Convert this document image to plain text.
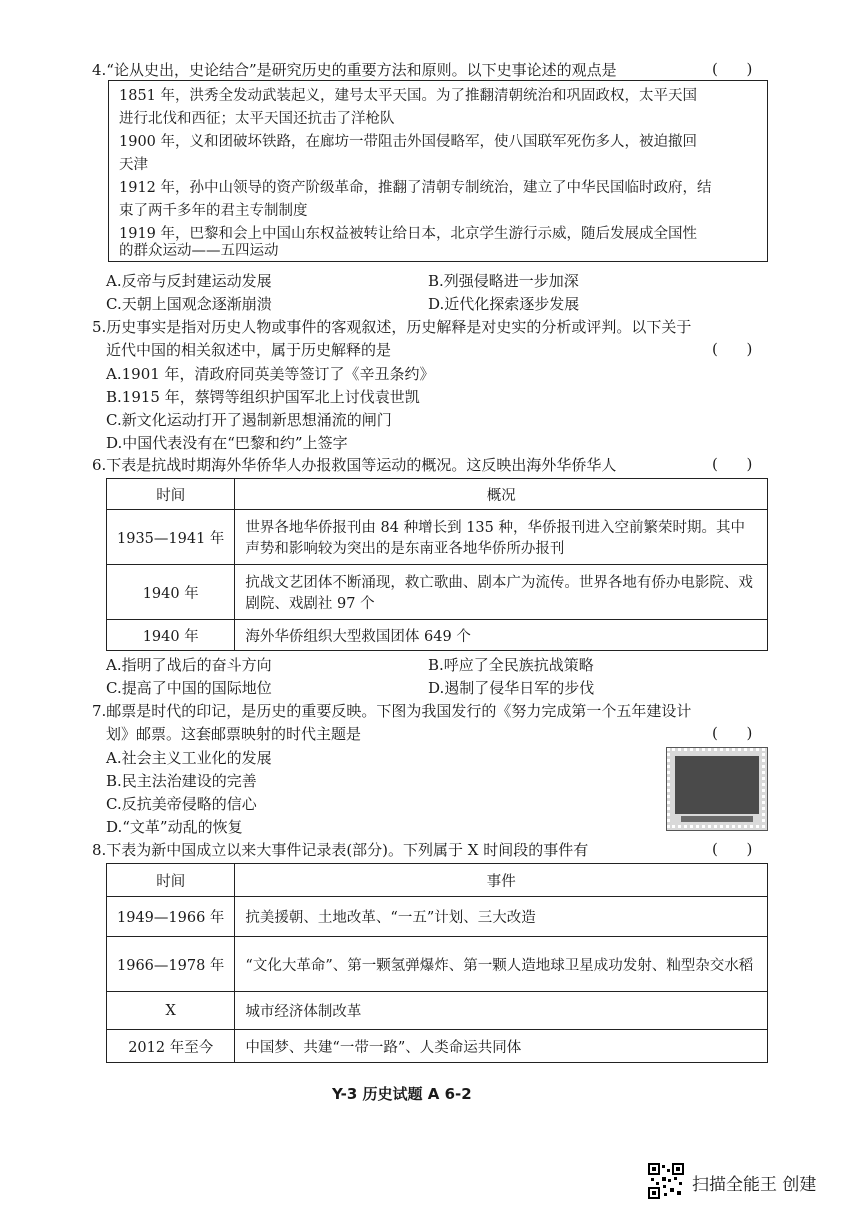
4.“论从史出，史论结合”是研究历史的重要方法和原则。以下史事论述的观点是	(      )
1851 年，洪秀全发动武装起义，建号太平天国。为了推翻清朝统治和巩固政权，太平天国
进行北伐和西征；太平天国还抗击了洋枪队
1900 年，义和团破坏铁路，在廊坊一带阻击外国侵略军，使八国联军死伤多人，被迫撤回
天津
1912 年，孙中山领导的资产阶级革命，推翻了清朝专制统治，建立了中华民国临时政府，结
束了两千多年的君主专制制度
1919 年，巴黎和会上中国山东权益被转让给日本，北京学生游行示威，随后发展成全国性
的群众运动——五四运动
A.反帝与反封建运动发展	B.列强侵略进一步加深
C.天朝上国观念逐渐崩溃	D.近代化探索逐步发展
5.历史事实是指对历史人物或事件的客观叙述，历史解释是对史实的分析或评判。以下关于
近代中国的相关叙述中，属于历史解释的是	(      )
A.1901 年，清政府同英美等签订了《辛丑条约》
B.1915 年，蔡锷等组织护国军北上讨伐袁世凯
C.新文化运动打开了遏制新思想涌流的闸门
D.中国代表没有在“巴黎和约”上签字
6.下表是抗战时期海外华侨华人办报救国等运动的概况。这反映出海外华侨华人	(      )
时间	概况
1935—1941 年	世界各地华侨报刊由 84 种增长到 135 种，华侨报刊进入空前繁荣时期。其中声势和影响较为突出的是东南亚各地华侨所办报刊
1940 年	抗战文艺团体不断涌现，救亡歌曲、剧本广为流传。世界各地有侨办电影院、戏剧院、戏剧社 97 个
1940 年	海外华侨组织大型救国团体 649 个
A.指明了战后的奋斗方向	B.呼应了全民族抗战策略
C.提高了中国的国际地位	D.遏制了侵华日军的步伐
7.邮票是时代的印记，是历史的重要反映。下图为我国发行的《努力完成第一个五年建设计
划》邮票。这套邮票映射的时代主题是	(      )
A.社会主义工业化的发展
B.民主法治建设的完善
C.反抗美帝侵略的信心
D.“文革”动乱的恢复
8.下表为新中国成立以来大事件记录表(部分)。下列属于 X 时间段的事件有	(      )
时间	事件
1949—1966 年	抗美援朝、土地改革、“一五”计划、三大改造
1966—1978 年	“文化大革命”、第一颗氢弹爆炸、第一颗人造地球卫星成功发射、籼型杂交水稻
X	城市经济体制改革
2012 年至今	中国梦、共建“一带一路”、人类命运共同体
Y-3 历史试题 A 6-2
扫描全能王 创建
